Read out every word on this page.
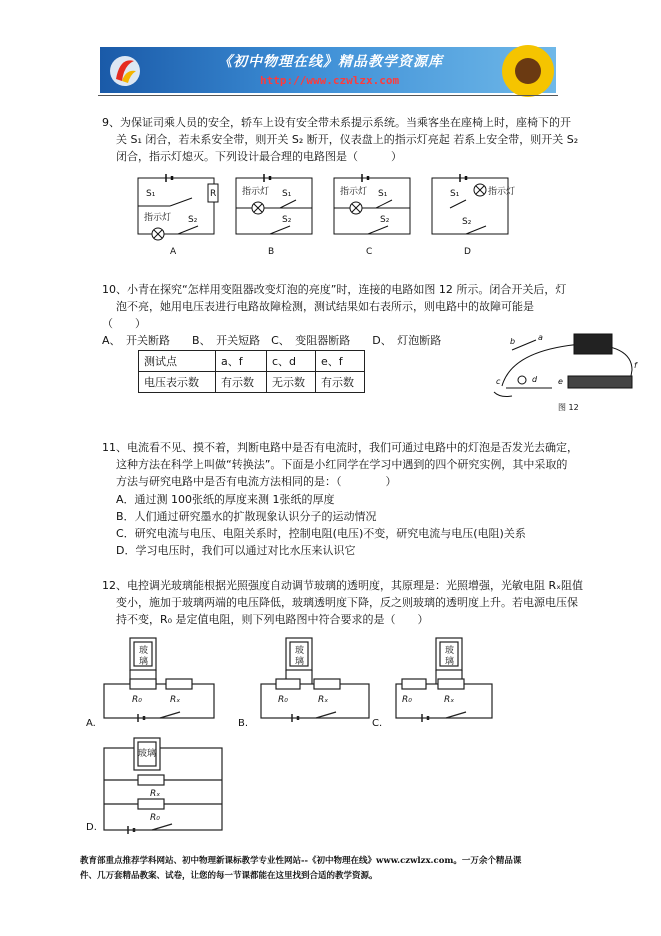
《初中物理在线》精品教学资源库
http://www.czwlzx.com
9、为保证司乘人员的安全，轿车上设有安全带未系提示系统。当乘客坐在座椅上时，座椅下的开
关 S₁ 闭合，若未系安全带，则开关 S₂ 断开，仪表盘上的指示灯亮起 若系上安全带，则开关 S₂
闭合，指示灯熄灭。下列设计最合理的电路图是（　　　）
S₁	R
指示灯 S₂
A
指示灯 S₁
S₂
B
指示灯 S₁
S₂
C
指示灯
S₁
S₂
D
10、小青在探究“怎样用变阻器改变灯泡的亮度”时，连接的电路如图 12 所示。闭合开关后，灯
泡不亮，她用电压表进行电路故障检测，测试结果如右表所示，则电路中的故障可能是
（　　）
A、　开关断路　　B、　开关短路　C、　变阻器断路　　D、　灯泡断路
测试点	a、f	c、d	e、f
电压表示数	有示数	无示数	有示数
b	a
c	d	e
f
图 12
11、电流看不见、摸不着，判断电路中是否有电流时，我们可通过电路中的灯泡是否发光去确定，
这种方法在科学上叫做“转换法”。下面是小红同学在学习中遇到的四个研究实例，其中采取的
方法与研究电路中是否有电流方法相同的是：（　　　　）
A．通过测 100张纸的厚度来测 1张纸的厚度
B．人们通过研究墨水的扩散现象认识分子的运动情况
C．研究电流与电压、电阻关系时，控制电阻(电压)不变，研究电流与电压(电阻)关系
D．学习电压时，我们可以通过对比水压来认识它
12、电控调光玻璃能根据光照强度自动调节玻璃的透明度，其原理是：光照增强，光敏电阻 Rₓ阻值
变小，施加于玻璃两端的电压降低，玻璃透明度下降，反之则玻璃的透明度上升。若电源电压保
持不变，R₀ 是定值电阻，则下列电路图中符合要求的是（　　）
玻
璃
玻
璃
玻
璃
玻璃
R₀	Rₓ	R₀	Rₓ	R₀	Rₓ
Rₓ
R₀
A.	B.	C.
D.
教育部重点推荐学科网站、初中物理新课标教学专业性网站--《初中物理在线》www.czwlzx.com。一万余个精品课
件、几万套精品教案、试卷，让您的每一节课都能在这里找到合适的教学资源。
